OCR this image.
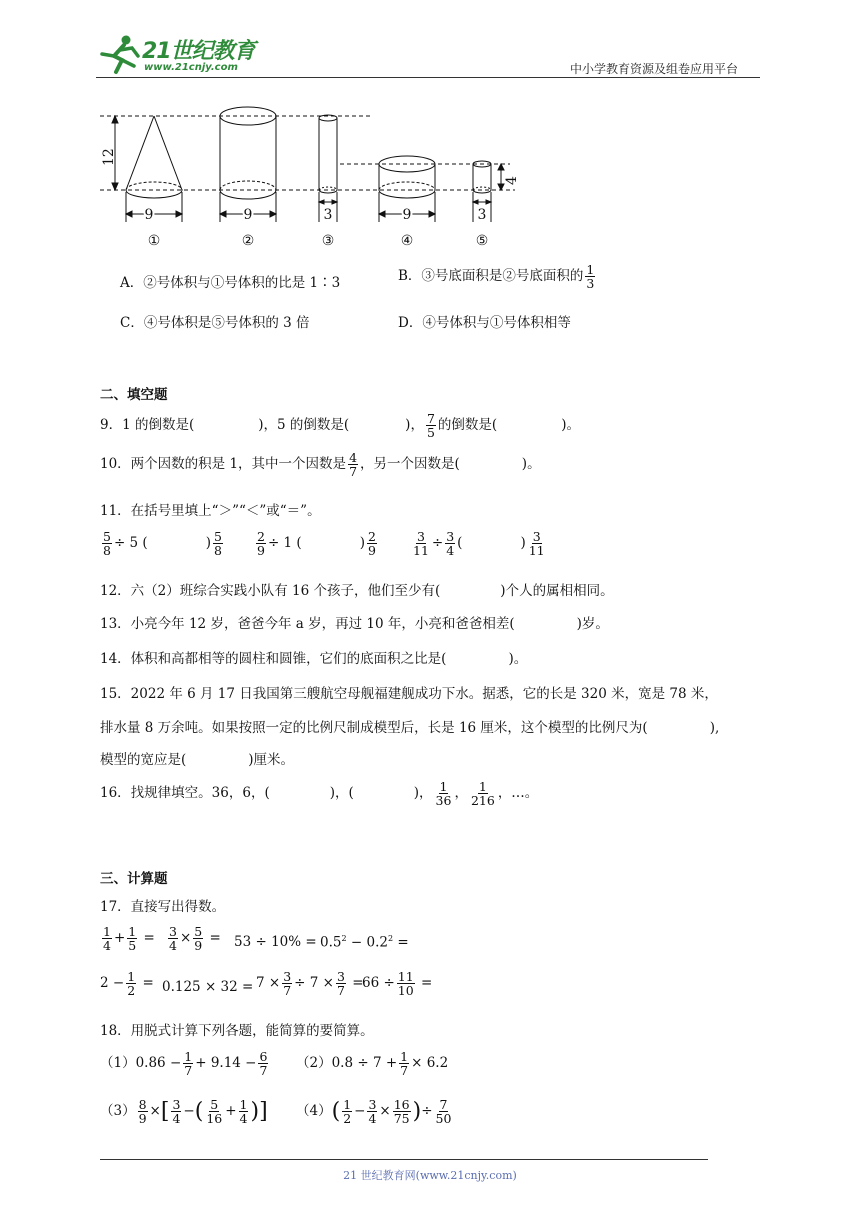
21世纪教育
www.21cnjy.com	中小学教育资源及组卷应用平台
12
4
9	9	3	9	3
①	②	③	④	⑤
A．②号体积与①号体积的比是 1∶3	B．③号底面积是②号底面积的 $\frac{1}{3}$
C．④号体积是⑤号体积的 3 倍	D．④号体积与①号体积相等
二、填空题
9．1 的倒数是(	)，5 的倒数是(	)， $\frac{7}{5}$ 的倒数是(	)。
10．两个因数的积是 1，其中一个因数是 $\frac{4}{7}$ ，另一个因数是(	)。
11．在括号里填上“＞”“＜”或“＝”。
$\frac{5}{8} \div 5$ (	) $\frac{5}{8}$	$\frac{2}{9} \div 1$ (	) $\frac{2}{9}$	$\frac{3}{11} \div \frac{3}{4}$ (	) $\frac{3}{11}$
12．六（2）班综合实践小队有 16 个孩子，他们至少有(	)个人的属相相同。
13．小亮今年 12 岁，爸爸今年 a 岁，再过 10 年，小亮和爸爸相差(	)岁。
14．体积和高都相等的圆柱和圆锥，它们的底面积之比是(	)。
15．2022 年 6 月 17 日我国第三艘航空母舰福建舰成功下水。据悉，它的长是 320 米，宽是 78 米，
排水量 8 万余吨。如果按照一定的比例尺制成模型后，长是 16 厘米，这个模型的比例尺为(	),
模型的宽应是(	)厘米。
16．找规律填空。36，6，(	)，(	)， $\frac{1}{36}$ ， $\frac{1}{216}$ ，…。
三、计算题
17．直接写出得数。
$\frac{1}{4} + \frac{1}{5} = \frac{3}{4} \times \frac{5}{9} = 53 \div 10\% = 0.5^2 - 0.2^2$ =
$2 - \frac{1}{2} = 0.125 \times 32 = 7 \times \frac{3}{7} \div 7 \times \frac{3}{7}$ =
$66 \div \frac{11}{10}$ =
18．用脱式计算下列各题，能简算的要简算。
$(1)0.86 - \frac{1}{7} + 9.14 - \frac{6}{7} (2)0.8 \div 7 + \frac{1}{7} \times 6.2$
$(3) \frac{8}{9}$ ×[ $\frac{3}{4}$ −( $\frac{5}{16} + \frac{1}{4}$ )] $(4)( \frac{1}{2} - \frac{3}{4} \times \frac{16}{75}$ )÷ $\frac{7}{50}$
21 世纪教育网(www.21cnjy.com)
